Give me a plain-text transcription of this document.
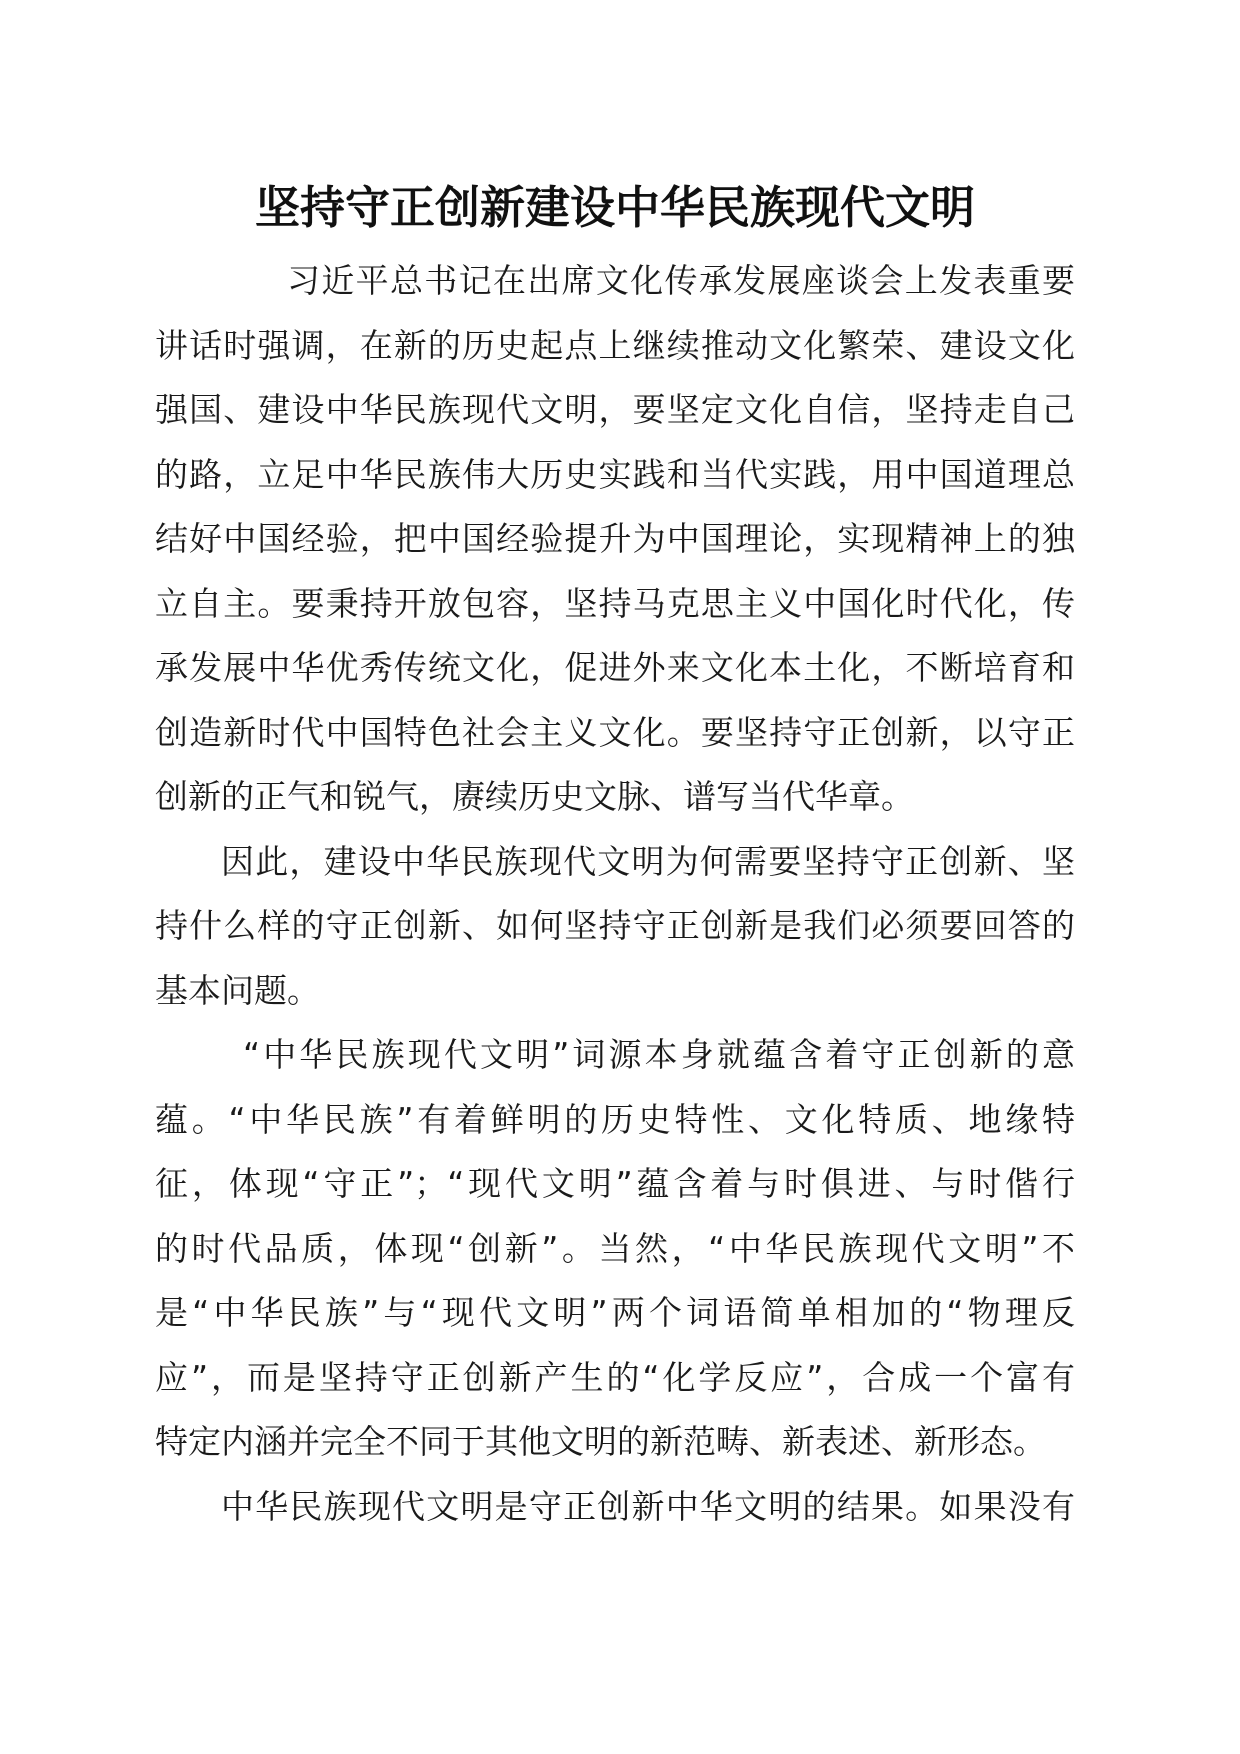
坚持守正创新建设中华民族现代文明
习近平总书记在出席文化传承发展座谈会上发表重要
讲话时强调，在新的历史起点上继续推动文化繁荣、建设文化
强国、建设中华民族现代文明，要坚定文化自信，坚持走自己
的路，立足中华民族伟大历史实践和当代实践，用中国道理总
结好中国经验，把中国经验提升为中国理论，实现精神上的独
立自主。要秉持开放包容，坚持马克思主义中国化时代化，传
承发展中华优秀传统文化，促进外来文化本土化，不断培育和
创造新时代中国特色社会主义文化。要坚持守正创新，以守正
创新的正气和锐气，赓续历史文脉、谱写当代华章。
因此，建设中华民族现代文明为何需要坚持守正创新、坚
持什么样的守正创新、如何坚持守正创新是我们必须要回答的
基本问题。
“中华民族现代文明”词源本身就蕴含着守正创新的意
蕴。“中华民族”有着鲜明的历史特性、文化特质、地缘特
征，体现“守正”；“现代文明”蕴含着与时俱进、与时偕行
的时代品质，体现“创新”。当然，“中华民族现代文明”不
是“中华民族”与“现代文明”两个词语简单相加的“物理反
应”，而是坚持守正创新产生的“化学反应”，合成一个富有
特定内涵并完全不同于其他文明的新范畴、新表述、新形态。
中华民族现代文明是守正创新中华文明的结果。如果没有
